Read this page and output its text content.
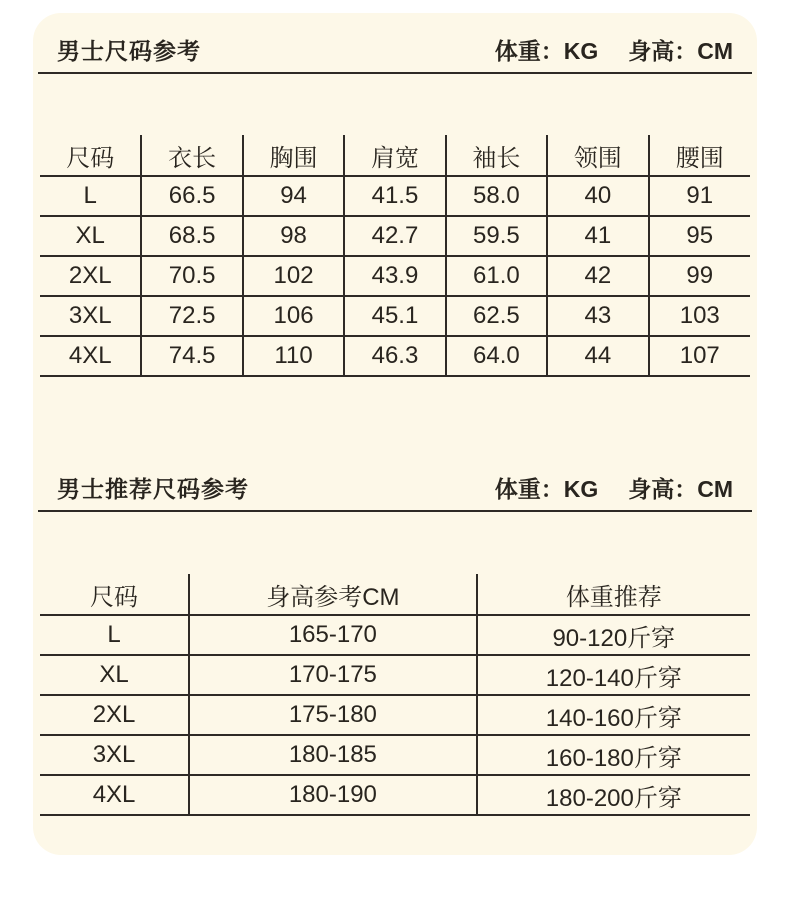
男士尺码参考	体重：KG 身高：CM
尺码	衣长	胸围	肩宽	袖长	领围	腰围
L	66.5	94	41.5	58.0	40	91
XL	68.5	98	42.7	59.5	41	95
2XL	70.5	102	43.9	61.0	42	99
3XL	72.5	106	45.1	62.5	43	103
4XL	74.5	110	46.3	64.0	44	107
男士推荐尺码参考	体重：KG 身高：CM
尺码	身高参考CM	体重推荐
L	165-170	90-120斤穿
XL	170-175	120-140斤穿
2XL	175-180	140-160斤穿
3XL	180-185	160-180斤穿
4XL	180-190	180-200斤穿
